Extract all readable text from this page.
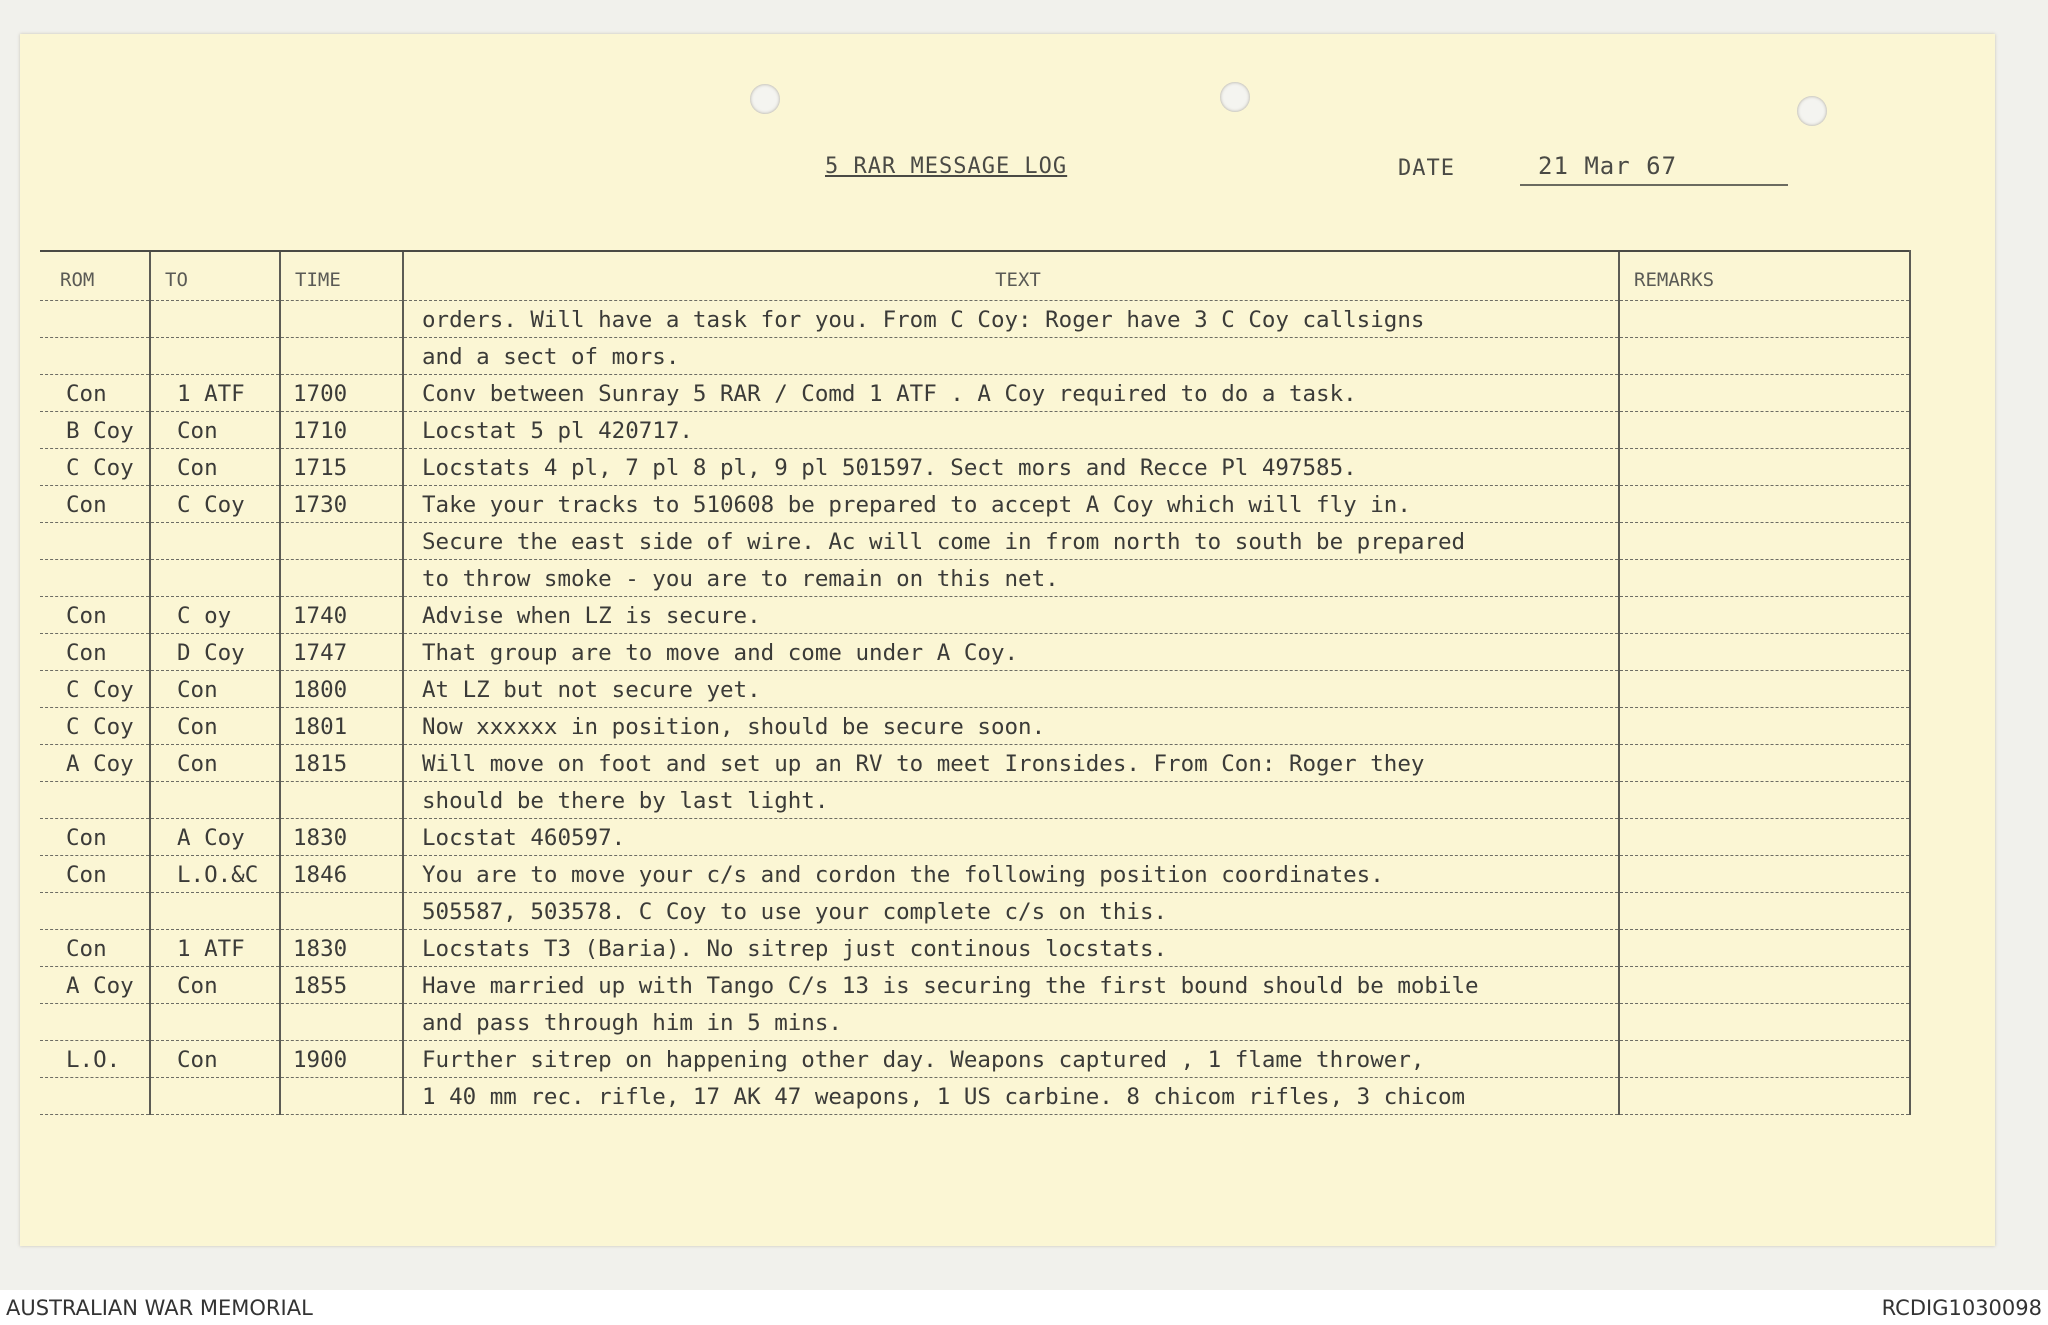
5 RAR MESSAGE LOG	DATE	21 Mar 67
ROM	TO	TIME	TEXT	REMARKS
			orders. Will have a task for you. From C Coy: Roger have 3 C Coy callsigns	
			and a sect of mors.	
Con	1 ATF	1700	Conv between Sunray 5 RAR / Comd 1 ATF . A Coy required to do a task.	
B Coy	Con	1710	Locstat 5 pl 420717.	
C Coy	Con	1715	Locstats 4 pl, 7 pl 8 pl, 9 pl 501597. Sect mors and Recce Pl 497585.	
Con	C Coy	1730	Take your tracks to 510608 be prepared to accept A Coy which will fly in.	
			Secure the east side of wire. Ac will come in from north to south be prepared	
			to throw smoke - you are to remain on this net.	
Con	C oy	1740	Advise when LZ is secure.	
Con	D Coy	1747	That group are to move and come under A Coy.	
C Coy	Con	1800	At LZ but not secure yet.	
C Coy	Con	1801	Now xxxxxx in position, should be secure soon.	
A Coy	Con	1815	Will move on foot and set up an RV to meet Ironsides. From Con: Roger they	
			should be there by last light.	
Con	A Coy	1830	Locstat 460597.	
Con	L.O.&C	1846	You are to move your c/s and cordon the following position coordinates.	
			505587, 503578. C Coy to use your complete c/s on this.	
Con	1 ATF	1830	Locstats T3 (Baria). No sitrep just continous locstats.	
A Coy	Con	1855	Have married up with Tango C/s 13 is securing the first bound should be mobile	
			and pass through him in 5 mins.	
L.O.	Con	1900	Further sitrep on happening other day. Weapons captured , 1 flame thrower,	
			1 40 mm rec. rifle, 17 AK 47 weapons, 1 US carbine. 8 chicom rifles, 3 chicom	
AUSTRALIAN WAR MEMORIAL	RCDIG1030098
